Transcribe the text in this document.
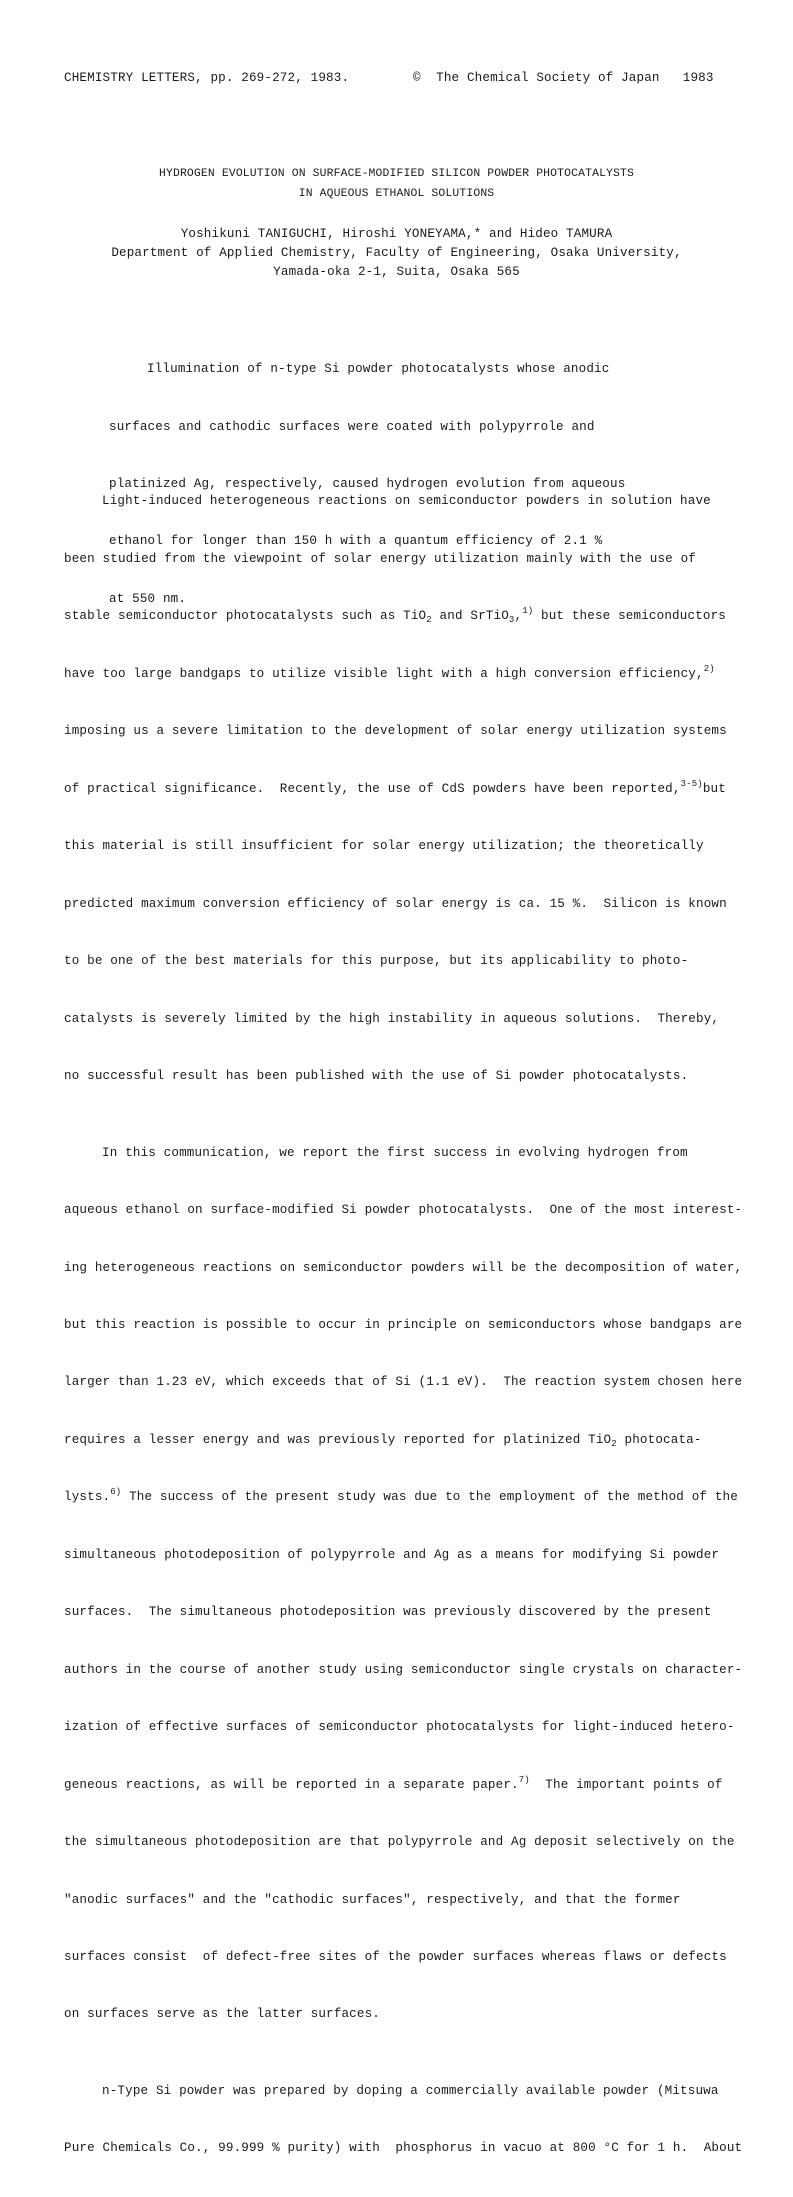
CHEMISTRY LETTERS, pp. 269-272, 1983.	©  The Chemical Society of Japan   1983
HYDROGEN EVOLUTION ON SURFACE-MODIFIED SILICON POWDER PHOTOCATALYSTS
IN AQUEOUS ETHANOL SOLUTIONS
Yoshikuni TANIGUCHI, Hiroshi YONEYAMA,* and Hideo TAMURA
Department of Applied Chemistry, Faculty of Engineering, Osaka University,
Yamada-oka 2-1, Suita, Osaka 565

Illumination of n-type Si powder photocatalysts whose anodic

surfaces and cathodic surfaces were coated with polypyrrole and

platinized Ag, respectively, caused hydrogen evolution from aqueous

ethanol for longer than 150 h with a quantum efficiency of 2.1 %

at 550 nm.

Light-induced heterogeneous reactions on semiconductor powders in solution have

been studied from the viewpoint of solar energy utilization mainly with the use of

stable semiconductor photocatalysts such as TiO$_2$ and SrTiO$_3$,$^{1)}$ but these semiconductors

have too large bandgaps to utilize visible light with a high conversion efficiency,$^{2)}$

imposing us a severe limitation to the development of solar energy utilization systems

of practical significance.  Recently, the use of CdS powders have been reported,$^{3-5)}$but

this material is still insufficient for solar energy utilization; the theoretically

predicted maximum conversion efficiency of solar energy is ca. 15 %.  Silicon is known

to be one of the best materials for this purpose, but its applicability to photo-

catalysts is severely limited by the high instability in aqueous solutions.  Thereby,

no successful result has been published with the use of Si powder photocatalysts.

In this communication, we report the first success in evolving hydrogen from

aqueous ethanol on surface-modified Si powder photocatalysts.  One of the most interest-

ing heterogeneous reactions on semiconductor powders will be the decomposition of water,

but this reaction is possible to occur in principle on semiconductors whose bandgaps are

larger than 1.23 eV, which exceeds that of Si (1.1 eV).  The reaction system chosen here

requires a lesser energy and was previously reported for platinized TiO$_2$ photocata-

lysts.$^{6)}$ The success of the present study was due to the employment of the method of the

simultaneous photodeposition of polypyrrole and Ag as a means for modifying Si powder

surfaces.  The simultaneous photodeposition was previously discovered by the present

authors in the course of another study using semiconductor single crystals on character-

ization of effective surfaces of semiconductor photocatalysts for light-induced hetero-

geneous reactions, as will be reported in a separate paper.$^{7)}$  The important points of

the simultaneous photodeposition are that polypyrrole and Ag deposit selectively on the

"anodic surfaces" and the "cathodic surfaces", respectively, and that the former

surfaces consist  of defect-free sites of the powder surfaces whereas flaws or defects

on surfaces serve as the latter surfaces.

n-Type Si powder was prepared by doping a commercially available powder (Mitsuwa

Pure Chemicals Co., 99.999 % purity) with  phosphorus in vacuo at 800 °C for 1 h.  About
